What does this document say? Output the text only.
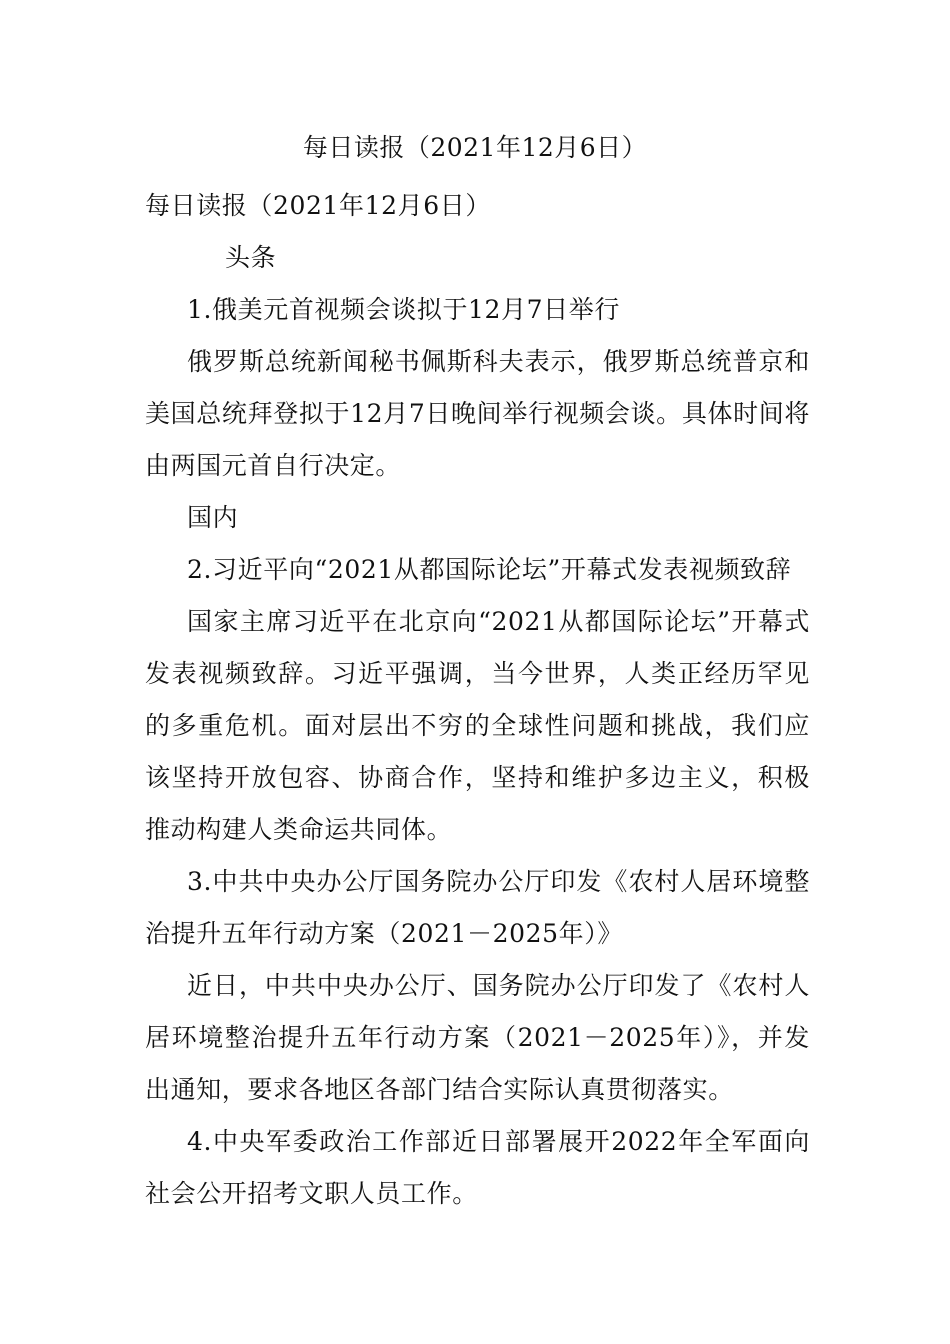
每日读报（2021年12月6日）

每日读报（2021年12月6日）

头条

1.俄美元首视频会谈拟于12月7日举行

俄罗斯总统新闻秘书佩斯科夫表示，俄罗斯总统普京和美国总统拜登拟于12月7日晚间举行视频会谈。具体时间将由两国元首自行决定。

国内

2.习近平向“2021从都国际论坛”开幕式发表视频致辞

国家主席习近平在北京向“2021从都国际论坛”开幕式发表视频致辞。习近平强调，当今世界，人类正经历罕见的多重危机。面对层出不穷的全球性问题和挑战，我们应该坚持开放包容、协商合作，坚持和维护多边主义，积极推动构建人类命运共同体。

3.中共中央办公厅国务院办公厅印发《农村人居环境整治提升五年行动方案（2021－2025年）》

近日，中共中央办公厅、国务院办公厅印发了《农村人居环境整治提升五年行动方案（2021－2025年）》，并发出通知，要求各地区各部门结合实际认真贯彻落实。

4.中央军委政治工作部近日部署展开2022年全军面向社会公开招考文职人员工作。
